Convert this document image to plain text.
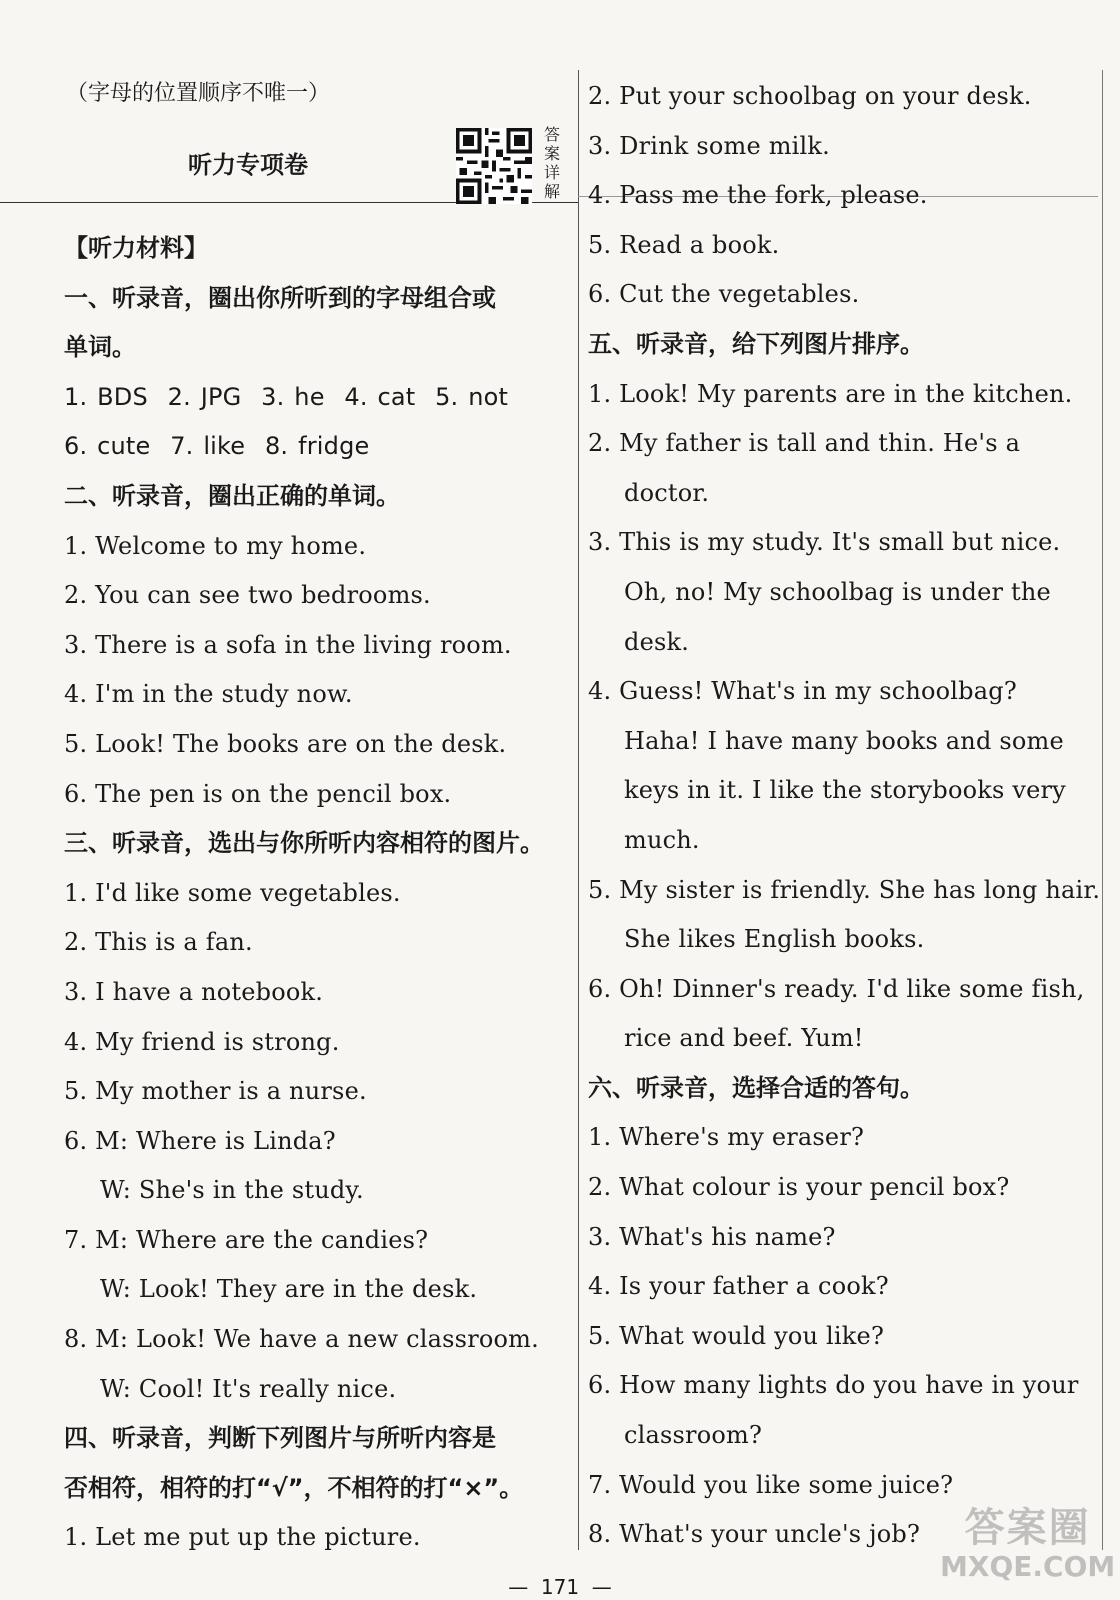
（字母的位置顺序不唯一）
听力专项卷
答
案
详
解
【听力材料】
一、听录音，圈出你所听到的字母组合或
单词。
1. BDS 2. JPG 3. he 4. cat 5. not
6. cute 7. like 8. fridge
二、听录音，圈出正确的单词。
1. Welcome to my home.
2. You can see two bedrooms.
3. There is a sofa in the living room.
4. I'm in the study now.
5. Look! The books are on the desk.
6. The pen is on the pencil box.
三、听录音，选出与你所听内容相符的图片。
1. I'd like some vegetables.
2. This is a fan.
3. I have a notebook.
4. My friend is strong.
5. My mother is a nurse.
6. M: Where is Linda?
W: She's in the study.
7. M: Where are the candies?
W: Look! They are in the desk.
8. M: Look! We have a new classroom.
W: Cool! It's really nice.
四、听录音，判断下列图片与所听内容是
否相符，相符的打“√”，不相符的打“×”。
1. Let me put up the picture.
2. Put your schoolbag on your desk.
3. Drink some milk.
4. Pass me the fork, please.
5. Read a book.
6. Cut the vegetables.
五、听录音，给下列图片排序。
1. Look! My parents are in the kitchen.
2. My father is tall and thin. He's a
doctor.
3. This is my study. It's small but nice.
Oh, no! My schoolbag is under the
desk.
4. Guess! What's in my schoolbag?
Haha! I have many books and some
keys in it. I like the storybooks very
much.
5. My sister is friendly. She has long hair.
She likes English books.
6. Oh! Dinner's ready. I'd like some fish,
rice and beef. Yum!
六、听录音，选择合适的答句。
1. Where's my eraser?
2. What colour is your pencil box?
3. What's his name?
4. Is your father a cook?
5. What would you like?
6. How many lights do you have in your
classroom?
7. Would you like some juice?
8. What's your uncle's job?
—  171  —
答案圈
MXQE.COM
